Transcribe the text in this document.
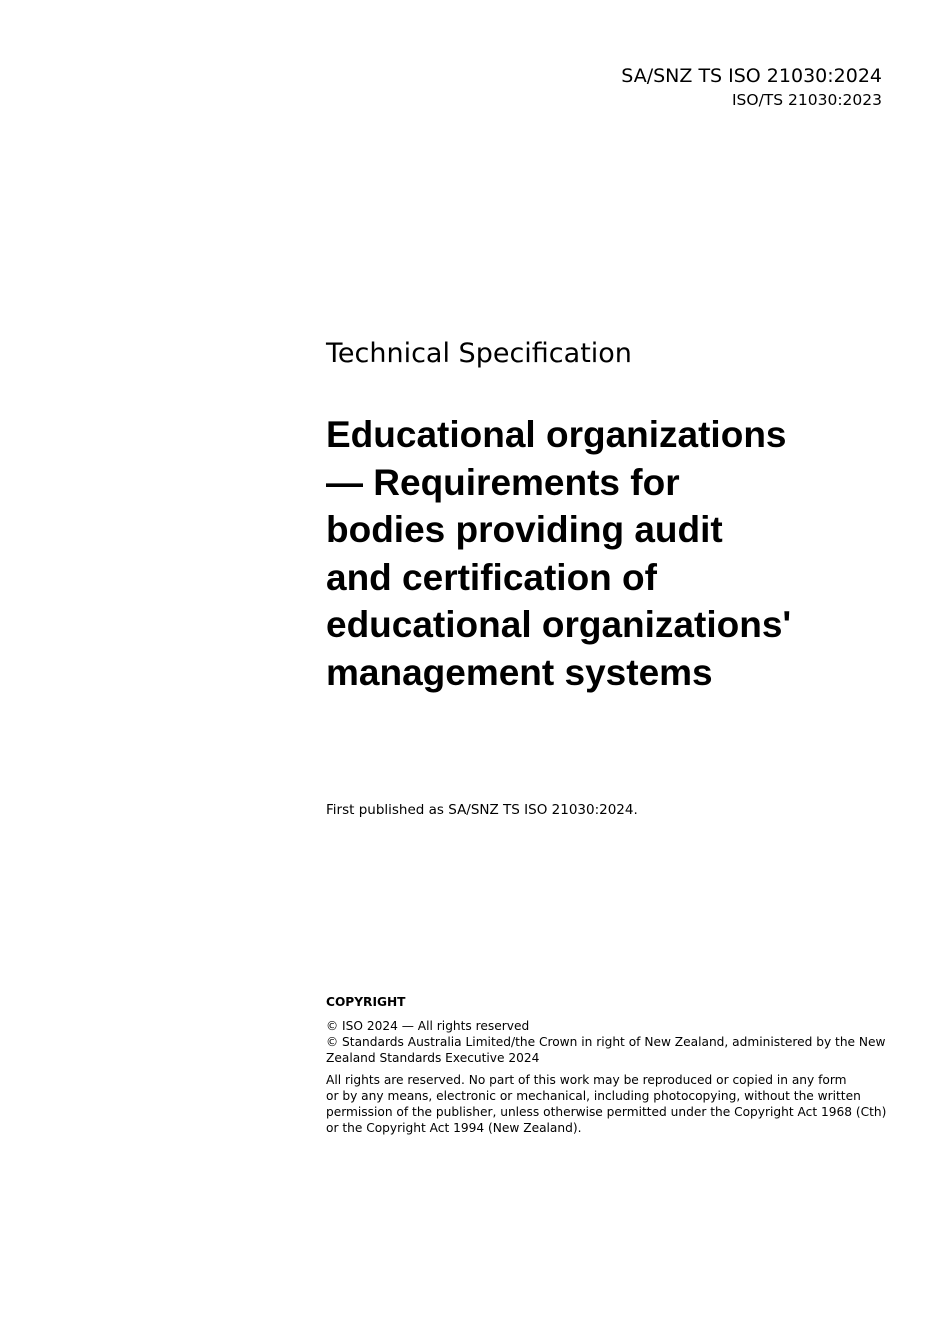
SA/SNZ TS ISO 21030:2024
ISO/TS 21030:2023
Technical Specification
Educational organizations
— Requirements for
bodies providing audit
and certification of
educational organizations'
management systems
First published as SA/SNZ TS ISO 21030:2024.
COPYRIGHT
© ISO 2024 — All rights reserved
© Standards Australia Limited/the Crown in right of New Zealand, administered by the New
Zealand Standards Executive 2024
All rights are reserved. No part of this work may be reproduced or copied in any form
or by any means, electronic or mechanical, including photocopying, without the written
permission of the publisher, unless otherwise permitted under the Copyright Act 1968 (Cth)
or the Copyright Act 1994 (New Zealand).
